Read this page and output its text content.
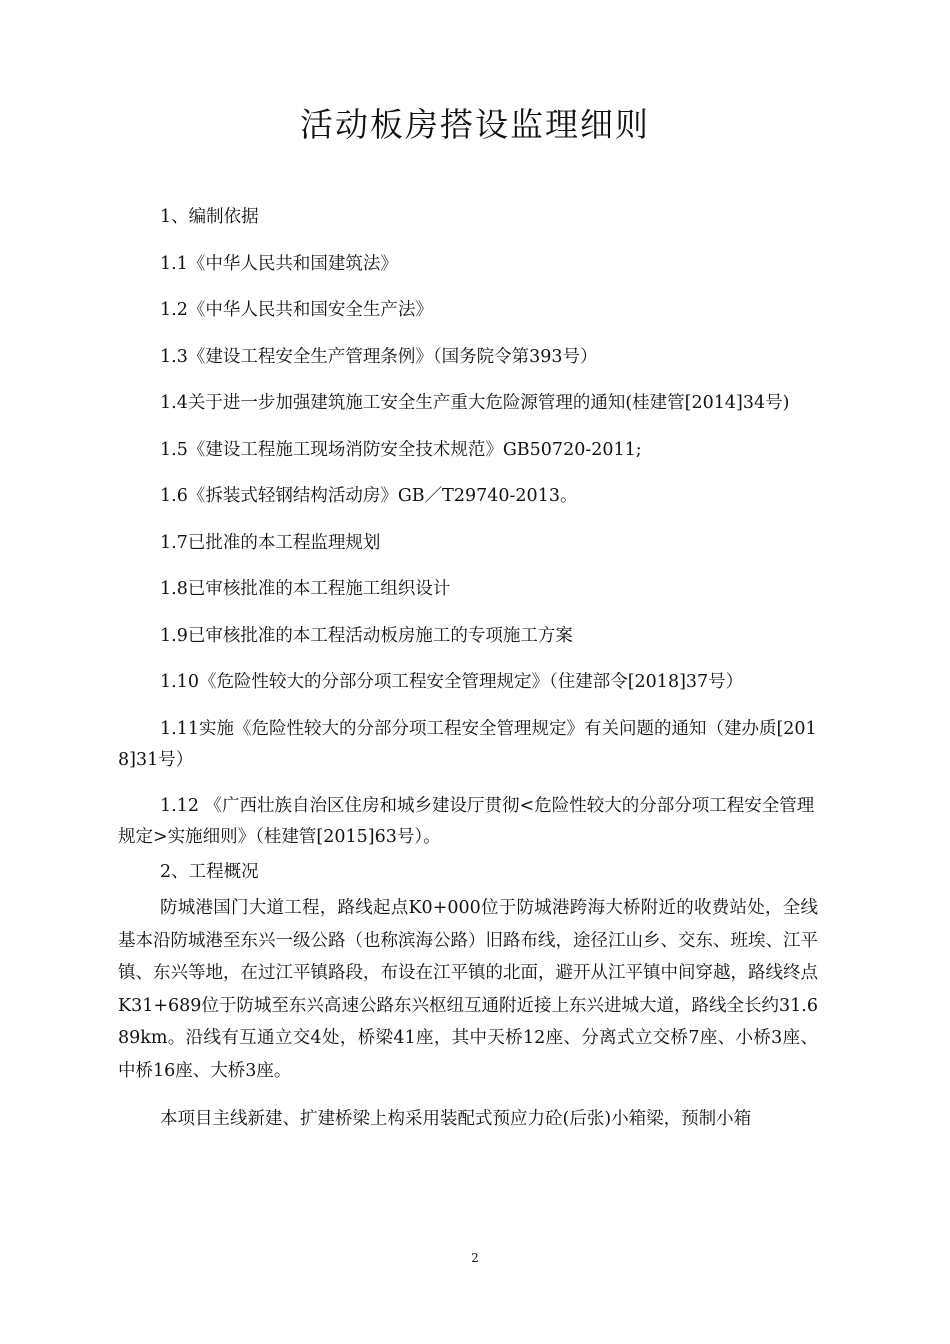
活动板房搭设监理细则

1、编制依据

1.1《中华人民共和国建筑法》

1.2《中华人民共和国安全生产法》

1.3《建设工程安全生产管理条例》（国务院令第393号）

1.4关于进一步加强建筑施工安全生产重大危险源管理的通知(桂建管[2014]34号)

1.5《建设工程施工现场消防安全技术规范》GB50720-2011;

1.6《拆装式轻钢结构活动房》GB／T29740-2013。

1.7已批准的本工程监理规划

1.8已审核批准的本工程施工组织设计

1.9已审核批准的本工程活动板房施工的专项施工方案

1.10《危险性较大的分部分项工程安全管理规定》（住建部令[2018]37号）

1.11实施《危险性较大的分部分项工程安全管理规定》有关问题的通知（建办质[2018]31号）

1.12 《广西壮族自治区住房和城乡建设厅贯彻<危险性较大的分部分项工程安全管理规定>实施细则》（桂建管[2015]63号）。

2、工程概况

防城港国门大道工程，路线起点K0+000位于防城港跨海大桥附近的收费站处，全线基本沿防城港至东兴一级公路（也称滨海公路）旧路布线，途径江山乡、交东、班埃、江平镇、东兴等地，在过江平镇路段，布设在江平镇的北面，避开从江平镇中间穿越，路线终点K31+689位于防城至东兴高速公路东兴枢纽互通附近接上东兴进城大道，路线全长约31.689km。沿线有互通立交4处，桥梁41座，其中天桥12座、分离式立交桥7座、小桥3座、中桥16座、大桥3座。

本项目主线新建、扩建桥梁上构采用装配式预应力砼(后张)小箱梁，预制小箱

2
